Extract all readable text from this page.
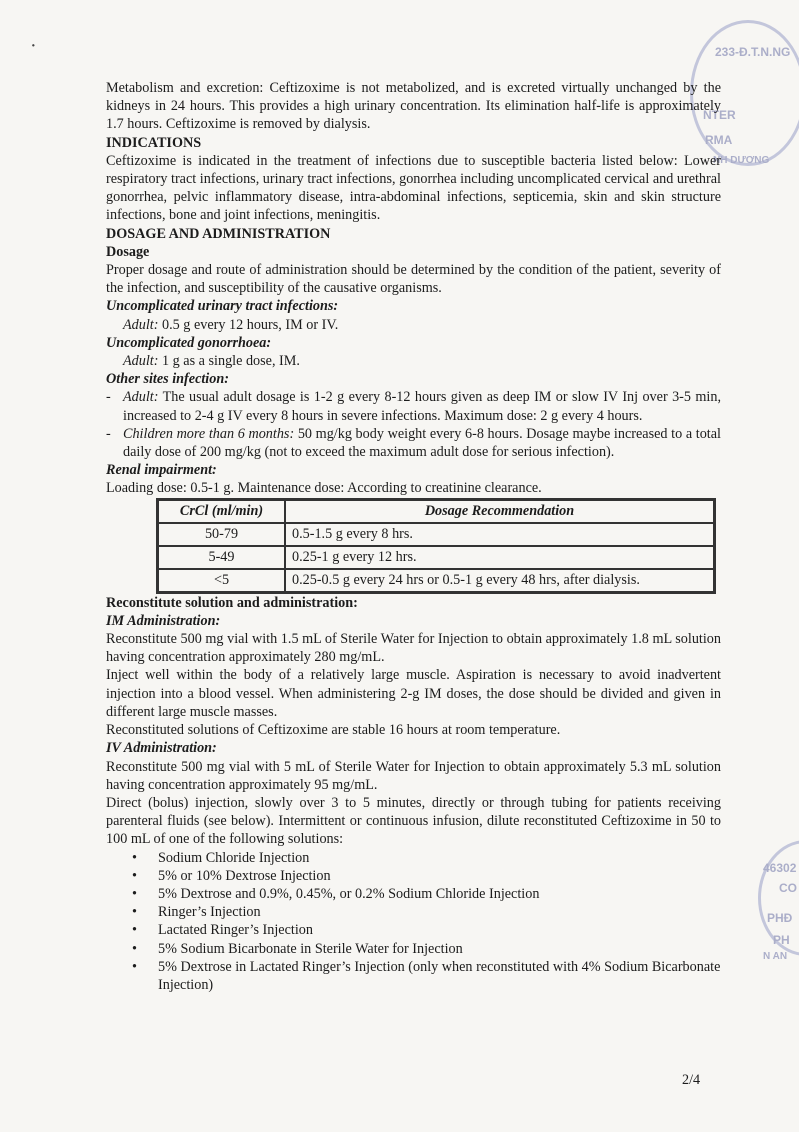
·	233-Đ.T.N.NG
NTER
RMA
NH DƯƠNG
46302
CO
PHĐ
PH
N AN

Metabolism and excretion: Ceftizoxime is not metabolized, and is excreted virtually unchanged by the kidneys in 24 hours. This provides a high urinary concentration. Its elimination half-life is approximately 1.7 hours. Ceftizoxime is removed by dialysis.

INDICATIONS

Ceftizoxime is indicated in the treatment of infections due to susceptible bacteria listed below: Lower respiratory tract infections, urinary tract infections, gonorrhea including uncomplicated cervical and urethral gonorrhea, pelvic inflammatory disease, intra-abdominal infections, septicemia, skin and skin structure infections, bone and joint infections, meningitis.

DOSAGE AND ADMINISTRATION
Dosage

Proper dosage and route of administration should be determined by the condition of the patient, severity of the infection, and susceptibility of the causative organisms.

Uncomplicated urinary tract infections:

Adult: 0.5 g every 12 hours, IM or IV.

Uncomplicated gonorrhoea:

Adult: 1 g as a single dose, IM.

Other sites infection:
- Adult: The usual adult dosage is 1-2 g every 8-12 hours given as deep IM or slow IV Inj over 3-5 min, increased to 2-4 g IV every 8 hours in severe infections. Maximum dose: 2 g every 4 hours.

- Children more than 6 months: 50 mg/kg body weight every 6-8 hours. Dosage maybe increased to a total daily dose of 200 mg/kg (not to exceed the maximum adult dose for serious infection).

Renal impairment:

Loading dose: 0.5-1 g. Maintenance dose: According to creatinine clearance.

CrCl (ml/min)	Dosage Recommendation
50-79	0.5-1.5 g every 8 hrs.
5-49	0.25-1 g every 12 hrs.
<5	0.25-0.5 g every 24 hrs or 0.5-1 g every 48 hrs, after dialysis.
Reconstitute solution and administration:
IM Administration:

Reconstitute 500 mg vial with 1.5 mL of Sterile Water for Injection to obtain approximately 1.8 mL solution having concentration approximately 280 mg/mL.

Inject well within the body of a relatively large muscle. Aspiration is necessary to avoid inadvertent injection into a blood vessel. When administering 2-g IM doses, the dose should be divided and given in different large muscle masses.

Reconstituted solutions of Ceftizoxime are stable 16 hours at room temperature.

IV Administration:

Reconstitute 500 mg vial with 5 mL of Sterile Water for Injection to obtain approximately 5.3 mL solution having concentration approximately 95 mg/mL.

Direct (bolus) injection, slowly over 3 to 5 minutes, directly or through tubing for patients receiving parenteral fluids (see below). Intermittent or continuous infusion, dilute reconstituted Ceftizoxime in 50 to 100 mL of one of the following solutions:

• Sodium Chloride Injection
• 5% or 10% Dextrose Injection
• 5% Dextrose and 0.9%, 0.45%, or 0.2% Sodium Chloride Injection
• Ringer’s Injection
• Lactated Ringer’s Injection
• 5% Sodium Bicarbonate in Sterile Water for Injection
• 5% Dextrose in Lactated Ringer’s Injection (only when reconstituted with 4% Sodium Bicarbonate Injection)
2/4
